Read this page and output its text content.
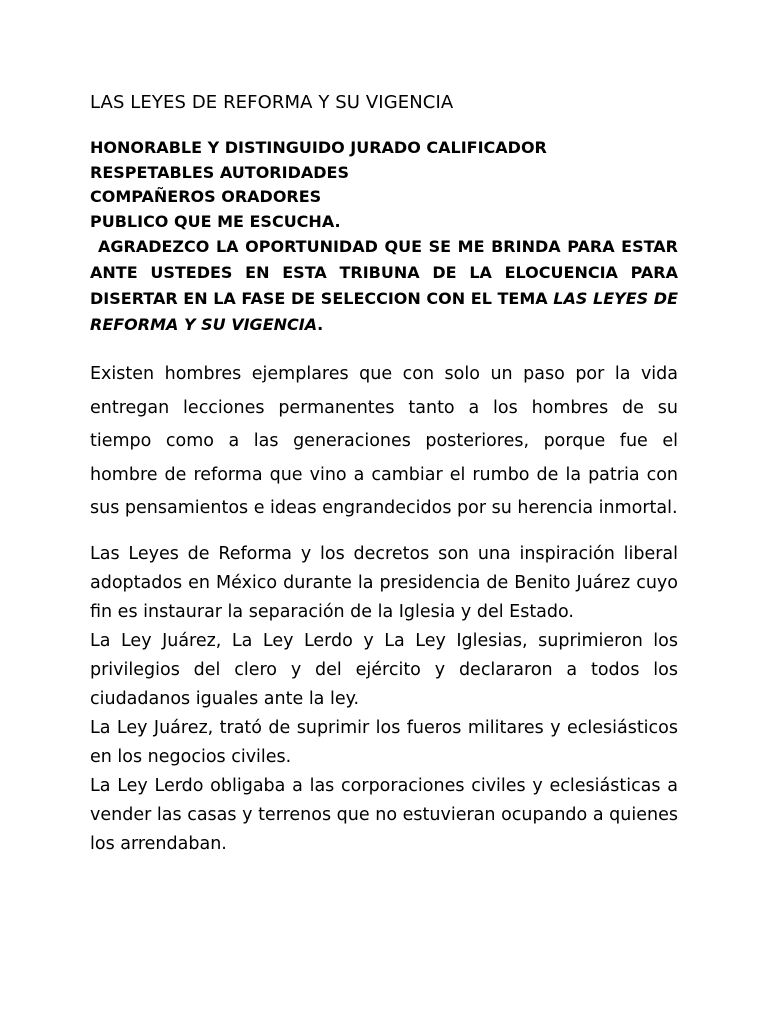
LAS LEYES DE REFORMA Y SU VIGENCIA

HONORABLE Y DISTINGUIDO JURADO CALIFICADOR

RESPETABLES AUTORIDADES

COMPAÑEROS ORADORES

PUBLICO QUE ME ESCUCHA.

AGRADEZCO LA OPORTUNIDAD QUE SE ME BRINDA PARA ESTAR ANTE USTEDES EN ESTA TRIBUNA DE LA ELOCUENCIA PARA DISERTAR EN LA FASE DE SELECCION CON EL TEMA LAS LEYES DE REFORMA Y SU VIGENCIA.

Existen hombres ejemplares que con solo un paso por la vida entregan lecciones permanentes tanto a los hombres de su tiempo como a las generaciones posteriores, porque fue el hombre de reforma que vino a cambiar el rumbo de la patria con sus pensamientos e ideas engrandecidos por su herencia inmortal.

Las Leyes de Reforma y los decretos son una inspiración liberal adoptados en México durante la presidencia de Benito Juárez cuyo fin es instaurar la separación de la Iglesia y del Estado.

La Ley Juárez, La Ley Lerdo y La Ley Iglesias, suprimieron los privilegios del clero y del ejército y declararon a todos los ciudadanos iguales ante la ley.

La Ley Juárez, trató de suprimir los fueros militares y eclesiásticos en los negocios civiles.

La Ley Lerdo obligaba a las corporaciones civiles y eclesiásticas a vender las casas y terrenos que no estuvieran ocupando a quienes los arrendaban.
